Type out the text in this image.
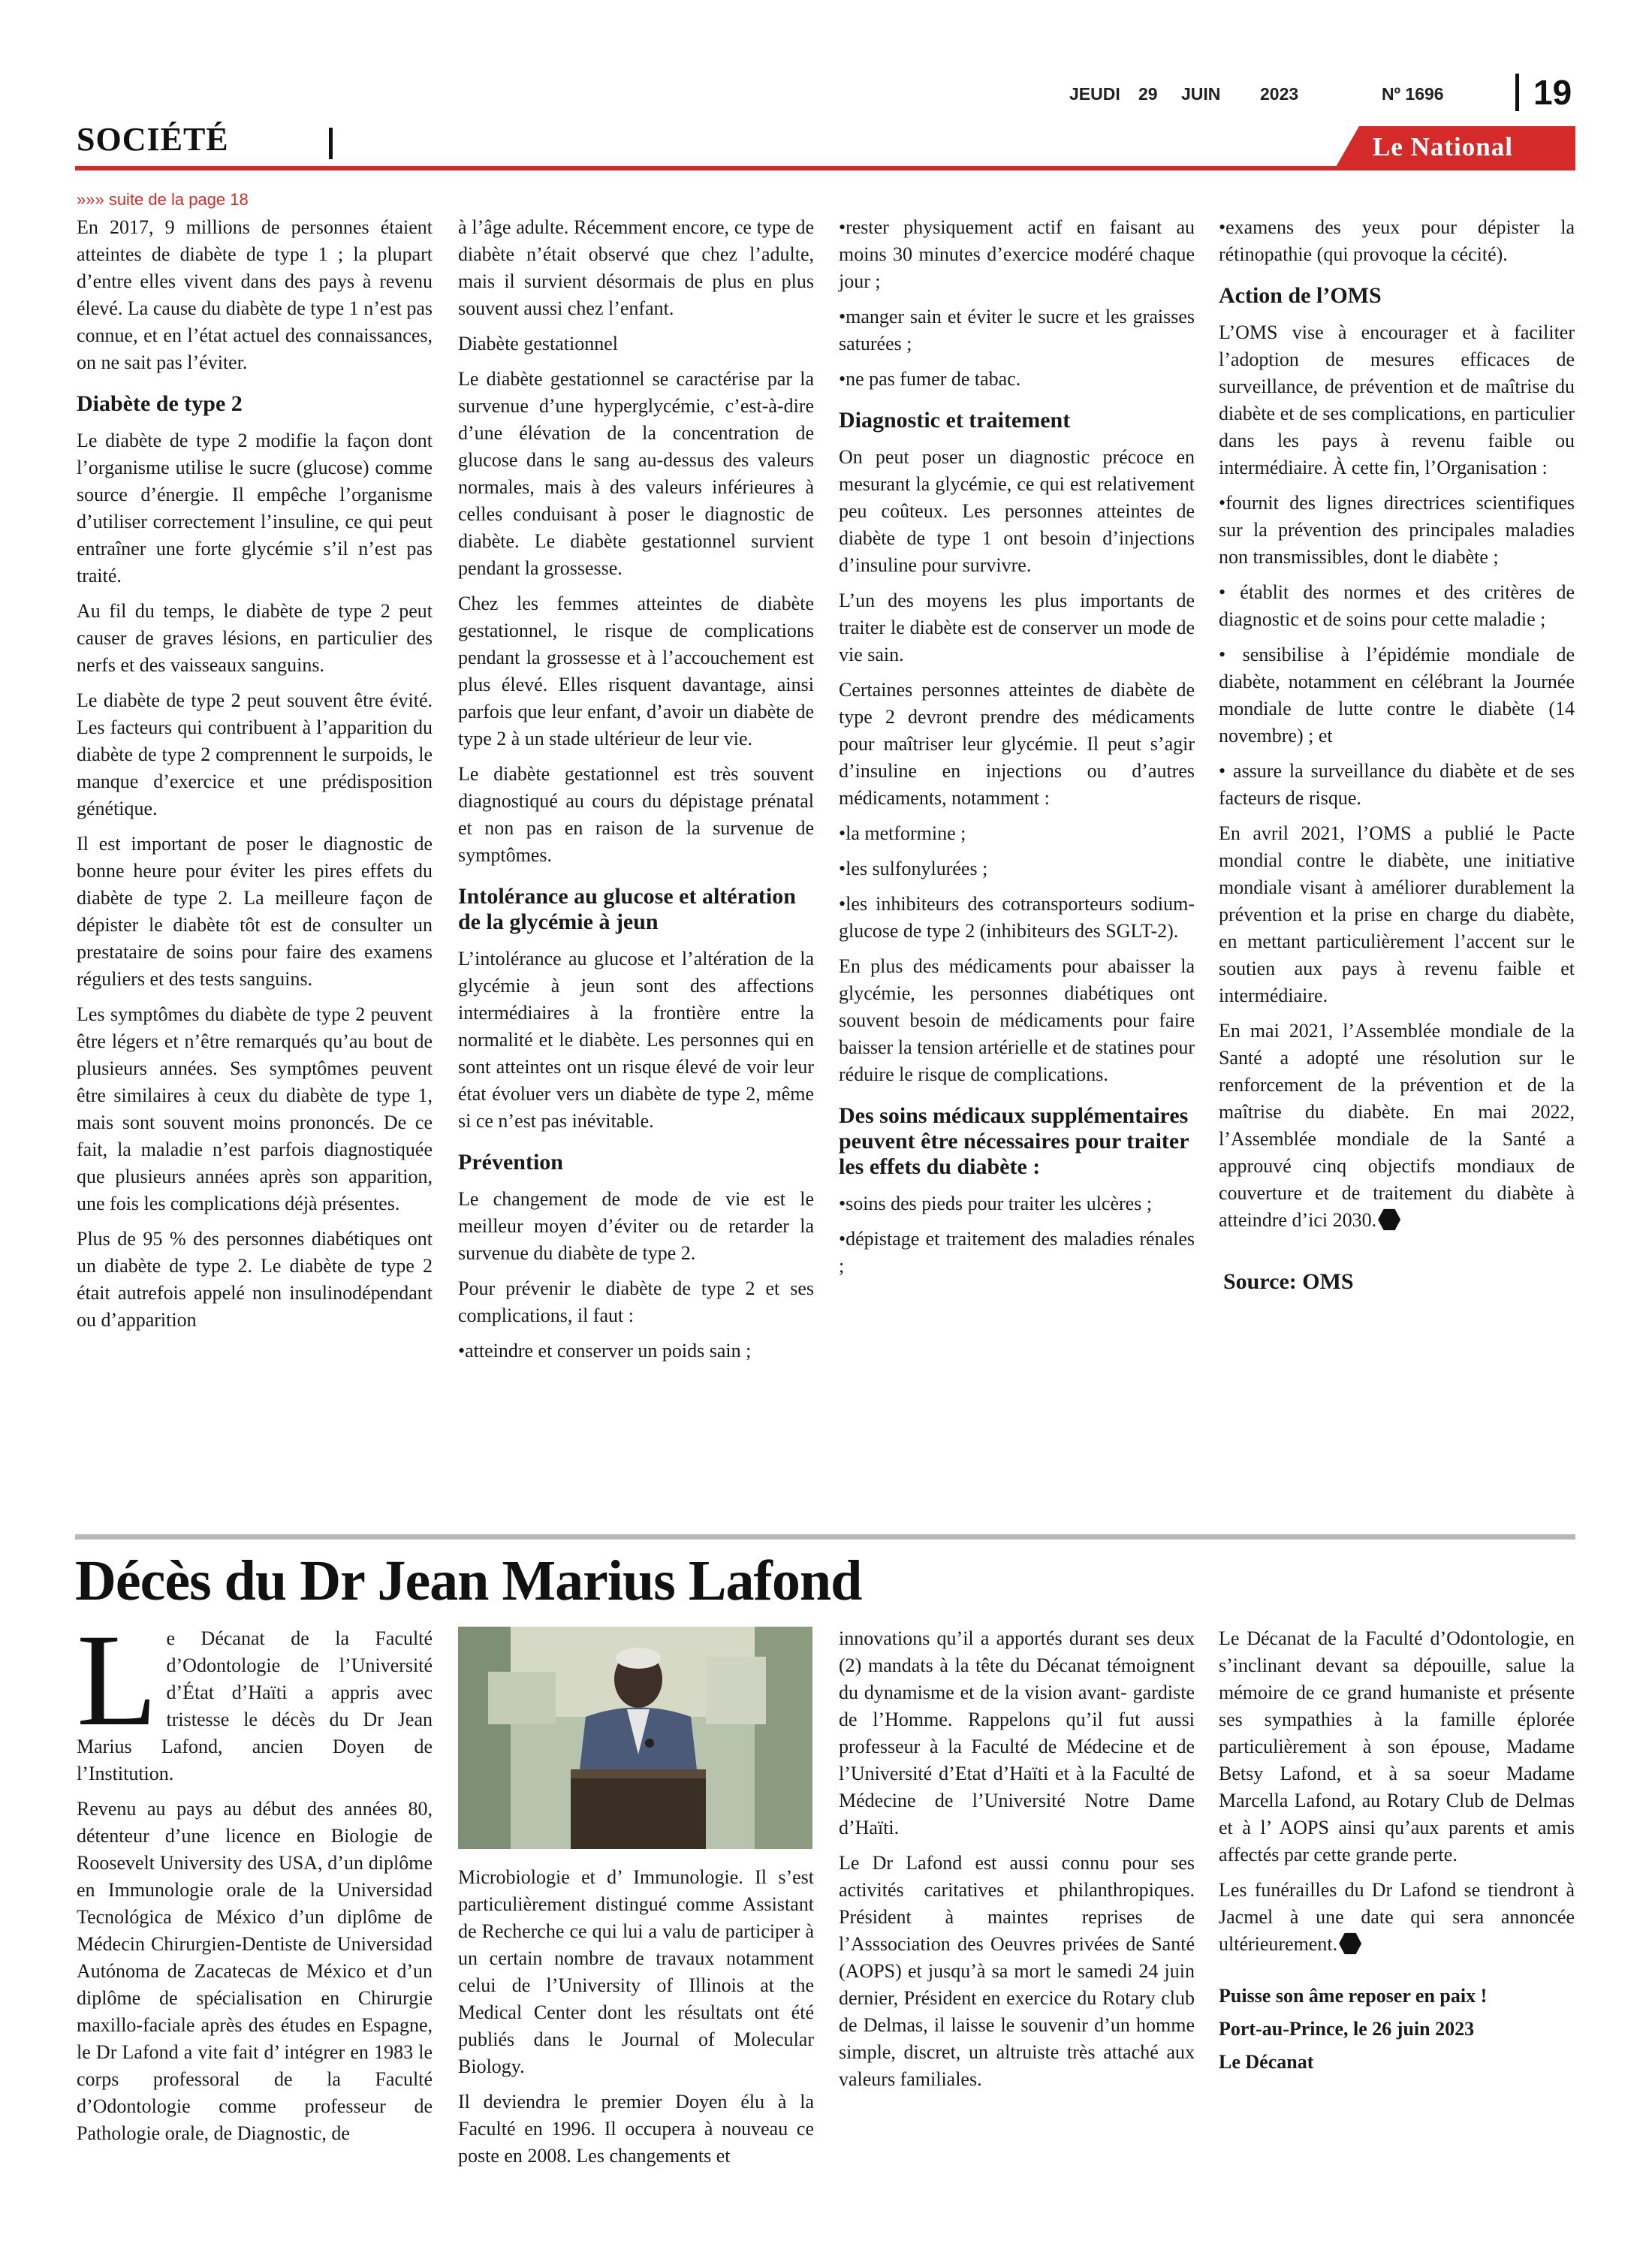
JEUDI 29 JUIN 2023	Nº 1696	19
SOCIÉTÉ	Le National
»»» suite de la page 18

En 2017, 9 millions de personnes étaient atteintes de diabète de type 1 ; la plupart d’entre elles vivent dans des pays à revenu élevé. La cause du diabète de type 1 n’est pas connue, et en l’état actuel des connaissances, on ne sait pas l’éviter.

Diabète de type 2

Le diabète de type 2 modifie la façon dont l’organisme utilise le sucre (glucose) comme source d’énergie. Il empêche l’organisme d’utiliser correctement l’insuline, ce qui peut entraîner une forte glycémie s’il n’est pas traité.

Au fil du temps, le diabète de type 2 peut causer de graves lésions, en particulier des nerfs et des vaisseaux sanguins.

Le diabète de type 2 peut souvent être évité. Les facteurs qui contribuent à l’apparition du diabète de type 2 comprennent le surpoids, le manque d’exercice et une prédisposition génétique.

Il est important de poser le diagnostic de bonne heure pour éviter les pires effets du diabète de type 2. La meilleure façon de dépister le diabète tôt est de consulter un prestataire de soins pour faire des examens réguliers et des tests sanguins.

Les symptômes du diabète de type 2 peuvent être légers et n’être remarqués qu’au bout de plusieurs années. Ses symptômes peuvent être similaires à ceux du diabète de type 1, mais sont souvent moins prononcés. De ce fait, la maladie n’est parfois diagnostiquée que plusieurs années après son apparition, une fois les complications déjà présentes.

Plus de 95 % des personnes diabétiques ont un diabète de type 2. Le diabète de type 2 était autrefois appelé non insulinodépendant ou d’apparition

à l’âge adulte. Récemment encore, ce type de diabète n’était observé que chez l’adulte, mais il survient désormais de plus en plus souvent aussi chez l’enfant.

Diabète gestationnel

Le diabète gestationnel se caractérise par la survenue d’une hyperglycémie, c’est-à-dire d’une élévation de la concentration de glucose dans le sang au-dessus des valeurs normales, mais à des valeurs inférieures à celles conduisant à poser le diagnostic de diabète. Le diabète gestationnel survient pendant la grossesse.

Chez les femmes atteintes de diabète gestationnel, le risque de complications pendant la grossesse et à l’accouchement est plus élevé. Elles risquent davantage, ainsi parfois que leur enfant, d’avoir un diabète de type 2 à un stade ultérieur de leur vie.

Le diabète gestationnel est très souvent diagnostiqué au cours du dépistage prénatal et non pas en raison de la survenue de symptômes.

Intolérance au glucose et altération de la glycémie à jeun

L’intolérance au glucose et l’altération de la glycémie à jeun sont des affections intermédiaires à la frontière entre la normalité et le diabète. Les personnes qui en sont atteintes ont un risque élevé de voir leur état évoluer vers un diabète de type 2, même si ce n’est pas inévitable.

Prévention

Le changement de mode de vie est le meilleur moyen d’éviter ou de retarder la survenue du diabète de type 2.

Pour prévenir le diabète de type 2 et ses complications, il faut :

•atteindre et conserver un poids sain ;

•rester physiquement actif en faisant au moins 30 minutes d’exercice modéré chaque jour ;

•manger sain et éviter le sucre et les graisses saturées ;

•ne pas fumer de tabac.

Diagnostic et traitement

On peut poser un diagnostic précoce en mesurant la glycémie, ce qui est relativement peu coûteux. Les personnes atteintes de diabète de type 1 ont besoin d’injections d’insuline pour survivre.

L’un des moyens les plus importants de traiter le diabète est de conserver un mode de vie sain.

Certaines personnes atteintes de diabète de type 2 devront prendre des médicaments pour maîtriser leur glycémie. Il peut s’agir d’insuline en injections ou d’autres médicaments, notamment :

•la metformine ;

•les sulfonylurées ;

•les inhibiteurs des cotransporteurs sodium-glucose de type 2 (inhibiteurs des SGLT-2).

En plus des médicaments pour abaisser la glycémie, les personnes diabétiques ont souvent besoin de médicaments pour faire baisser la tension artérielle et de statines pour réduire le risque de complications.

Des soins médicaux supplémentaires peuvent être nécessaires pour traiter les effets du diabète :

•soins des pieds pour traiter les ulcères ;

•dépistage et traitement des maladies rénales ;

•examens des yeux pour dépister la rétinopathie (qui provoque la cécité).

Action de l’OMS

L’OMS vise à encourager et à faciliter l’adoption de mesures efficaces de surveillance, de prévention et de maîtrise du diabète et de ses complications, en particulier dans les pays à revenu faible ou intermédiaire. À cette fin, l’Organisation :

•fournit des lignes directrices scientifiques sur la prévention des principales maladies non transmissibles, dont le diabète ;

• établit des normes et des critères de diagnostic et de soins pour cette maladie ;

• sensibilise à l’épidémie mondiale de diabète, notamment en célébrant la Journée mondiale de lutte contre le diabète (14 novembre) ; et

• assure la surveillance du diabète et de ses facteurs de risque.

En avril 2021, l’OMS a publié le Pacte mondial contre le diabète, une initiative mondiale visant à améliorer durablement la prévention et la prise en charge du diabète, en mettant particulièrement l’accent sur le soutien aux pays à revenu faible et intermédiaire.

En mai 2021, l’Assemblée mondiale de la Santé a adopté une résolution sur le renforcement de la prévention et de la maîtrise du diabète. En mai 2022, l’Assemblée mondiale de la Santé a approuvé cinq objectifs mondiaux de couverture et de traitement du diabète à atteindre d’ici 2030.

Source: OMS

Décès du Dr Jean Marius Lafond

Le Décanat de la Faculté d’Odontologie de l’Université d’État d’Haïti a appris avec tristesse le décès du Dr Jean Marius Lafond, ancien Doyen de l’Institution.

Revenu au pays au début des années 80, détenteur d’une licence en Biologie de Roosevelt University des USA, d’un diplôme en Immunologie orale de la Universidad Tecnológica de México d’un diplôme de Médecin Chirurgien-Dentiste de Universidad Autónoma de Zacatecas de México et d’un diplôme de spécialisation en Chirurgie maxillo-faciale après des études en Espagne, le Dr Lafond a vite fait d’ intégrer en 1983 le corps professoral de la Faculté d’Odontologie comme professeur de Pathologie orale, de Diagnostic, de

Microbiologie et d’ Immunologie. Il s’est particulièrement distingué comme Assistant de Recherche ce qui lui a valu de participer à un certain nombre de travaux notamment celui de l’University of Illinois at the Medical Center dont les résultats ont été publiés dans le Journal of Molecular Biology.

Il deviendra le premier Doyen élu à la Faculté en 1996. Il occupera à nouveau ce poste en 2008. Les changements et

innovations qu’il a apportés durant ses deux (2) mandats à la tête du Décanat témoignent du dynamisme et de la vision avant- gardiste de l’Homme. Rappelons qu’il fut aussi professeur à la Faculté de Médecine et de l’Université d’Etat d’Haïti et à la Faculté de Médecine de l’Université Notre Dame d’Haïti.

Le Dr Lafond est aussi connu pour ses activités caritatives et philanthropiques. Président à maintes reprises de l’Asssociation des Oeuvres privées de Santé (AOPS) et jusqu’à sa mort le samedi 24 juin dernier, Président en exercice du Rotary club de Delmas, il laisse le souvenir d’un homme simple, discret, un altruiste très attaché aux valeurs familiales.

Le Décanat de la Faculté d’Odontologie, en s’inclinant devant sa dépouille, salue la mémoire de ce grand humaniste et présente ses sympathies à la famille éplorée particulièrement à son épouse, Madame Betsy Lafond, et à sa soeur Madame Marcella Lafond, au Rotary Club de Delmas et à l’ AOPS ainsi qu’aux parents et amis affectés par cette grande perte.

Les funérailles du Dr Lafond se tiendront à Jacmel à une date qui sera annoncée ultérieurement.

Puisse son âme reposer en paix !

Port-au-Prince, le 26 juin 2023

Le Décanat
